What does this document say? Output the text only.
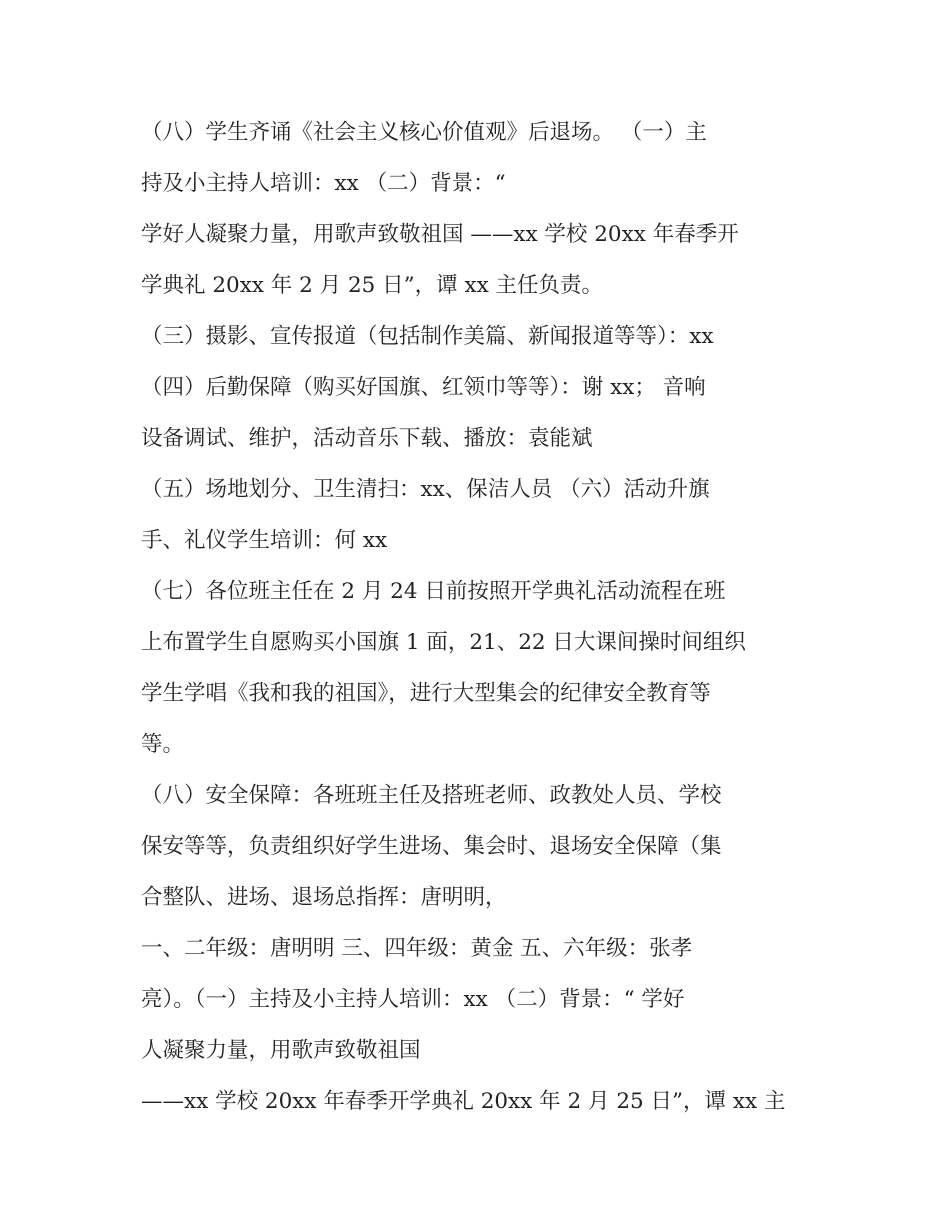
（八）学生齐诵《社会主义核心价值观》后退场。 （一）主
持及小主持人培训：xx （二）背景：“
学好人凝聚力量，用歌声致敬祖国 ——xx 学校 20xx 年春季开
学典礼 20xx 年 2 月 25 日”，谭 xx 主任负责。
（三）摄影、宣传报道（包括制作美篇、新闻报道等等）：xx
（四）后勤保障（购买好国旗、红领巾等等）：谢 xx； 音响
设备调试、维护，活动音乐下载、播放：袁能斌
（五）场地划分、卫生清扫：xx、保洁人员 （六）活动升旗
手、礼仪学生培训：何 xx
（七）各位班主任在 2 月 24 日前按照开学典礼活动流程在班
上布置学生自愿购买小国旗 1 面，21、22 日大课间操时间组织
学生学唱《我和我的祖国》，进行大型集会的纪律安全教育等
等。
（八）安全保障：各班班主任及搭班老师、政教处人员、学校
保安等等，负责组织好学生进场、集会时、退场安全保障（集
合整队、进场、退场总指挥：唐明明，
一、二年级：唐明明 三、四年级：黄金 五、六年级：张孝
亮）。（一）主持及小主持人培训：xx （二）背景：“ 学好
人凝聚力量，用歌声致敬祖国
——xx 学校 20xx 年春季开学典礼 20xx 年 2 月 25 日”，谭 xx 主
